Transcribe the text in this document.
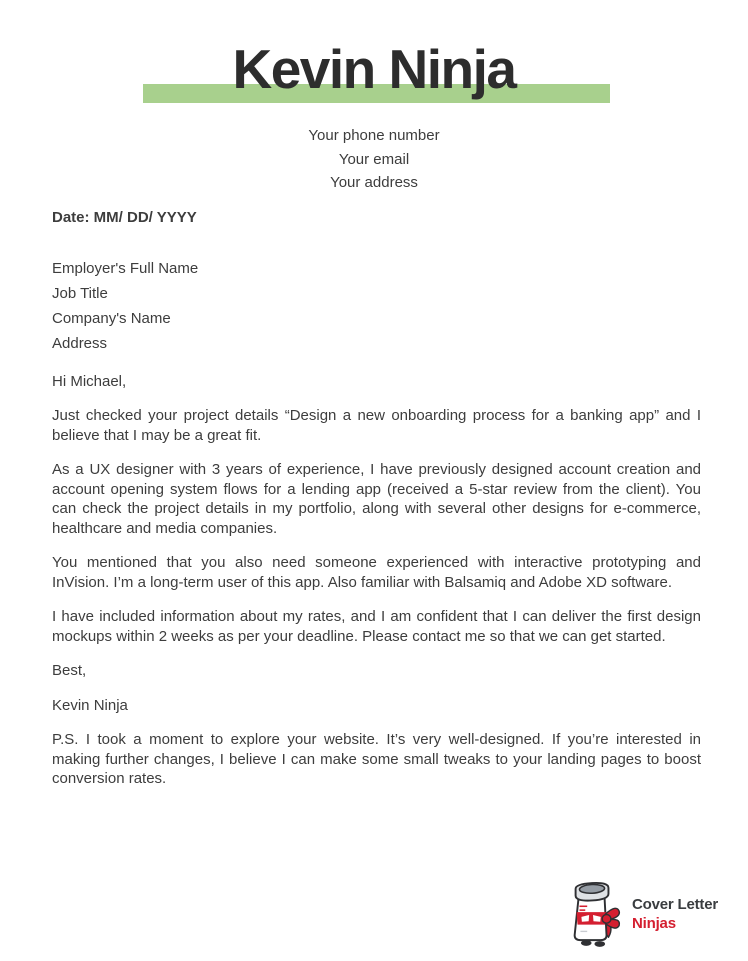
Kevin Ninja

Your phone number

Your email

Your address

Date: MM/ DD/ YYYY

Employer's Full Name

Job Title

Company's Name

Address

Hi Michael,

Just checked your project details “Design a new onboarding process for a banking app” and I believe that I may be a great fit.

As a UX designer with 3 years of experience, I have previously designed account creation and account opening system flows for a lending app (received a 5-star review from the client). You can check the project details in my portfolio, along with several other designs for e-commerce, healthcare and media companies.

You mentioned that you also need someone experienced with interactive prototyping and InVision. I’m a long-term user of this app. Also familiar with Balsamiq and Adobe XD software.

I have included information about my rates, and I am confident that I can deliver the first design mockups within 2 weeks as per your deadline. Please contact me so that we can get started.

Best,

Kevin Ninja

P.S. I took a moment to explore your website. It’s very well-designed. If you’re interested in making further changes, I believe I can make some small tweaks to your landing pages to boost conversion rates.

Cover Letter
Ninjas
